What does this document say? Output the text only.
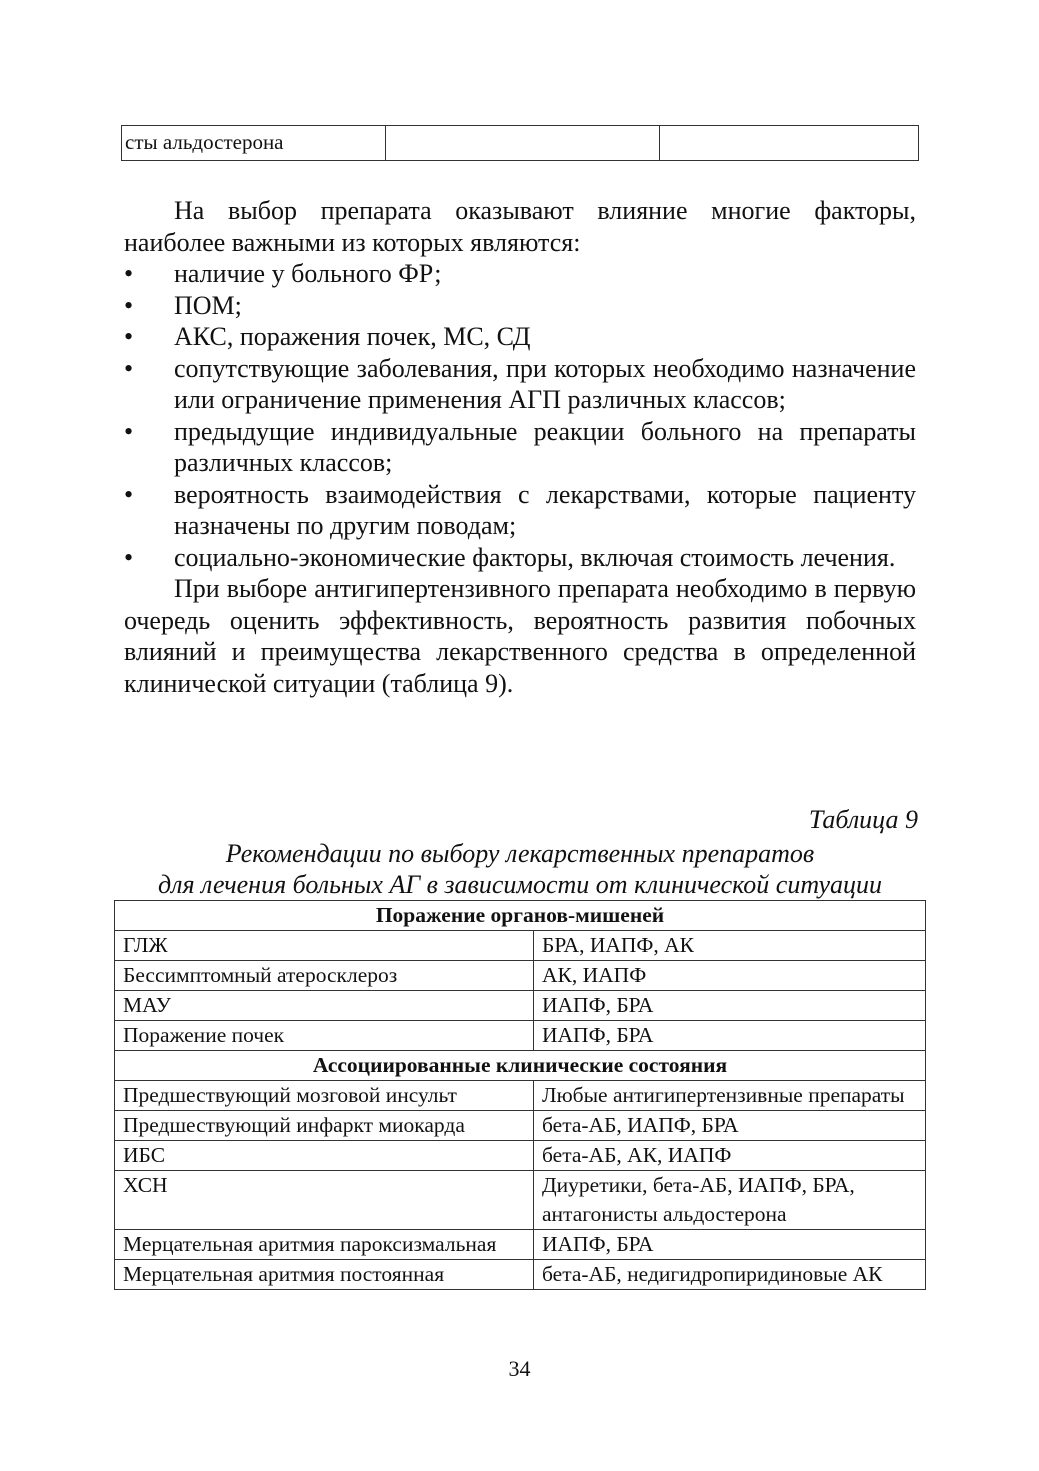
сты альдостерона		
На выбор препарата оказывают влияние многие факторы, наиболее важными из которых являются:
• наличие у больного ФР;
• ПОМ;
• АКС, поражения почек, МС, СД
• сопутствующие заболевания, при которых необходимо назначение или ограничение применения АГП различных классов;
• предыдущие индивидуальные реакции больного на препараты различных классов;
• вероятность взаимодействия с лекарствами, которые пациенту назначены по другим поводам;
• социально-экономические факторы, включая стоимость лечения.
При выборе антигипертензивного препарата необходимо в первую очередь оценить эффективность, вероятность развития побочных влияний и преимущества лекарственного средства в определенной клинической ситуации (таблица 9).
Таблица 9
Рекомендации по выбору лекарственных препаратов
для лечения больных АГ в зависимости от клинической ситуации
Поражение органов-мишеней	
ГЛЖ	БРА, ИАПФ, АК
Бессимптомный атеросклероз	АК, ИАПФ
МАУ	ИАПФ, БРА
Поражение почек	ИАПФ, БРА
Ассоциированные клинические состояния	
Предшествующий мозговой инсульт	Любые антигипертензивные препараты
Предшествующий инфаркт миокарда	бета-АБ, ИАПФ, БРА
ИБС	бета-АБ, АК, ИАПФ
ХСН	Диуретики, бета-АБ, ИАПФ, БРА, антагонисты альдостерона
Мерцательная аритмия пароксизмальная	ИАПФ, БРА
Мерцательная аритмия постоянная	бета-АБ, недигидропиридиновые АК
34
